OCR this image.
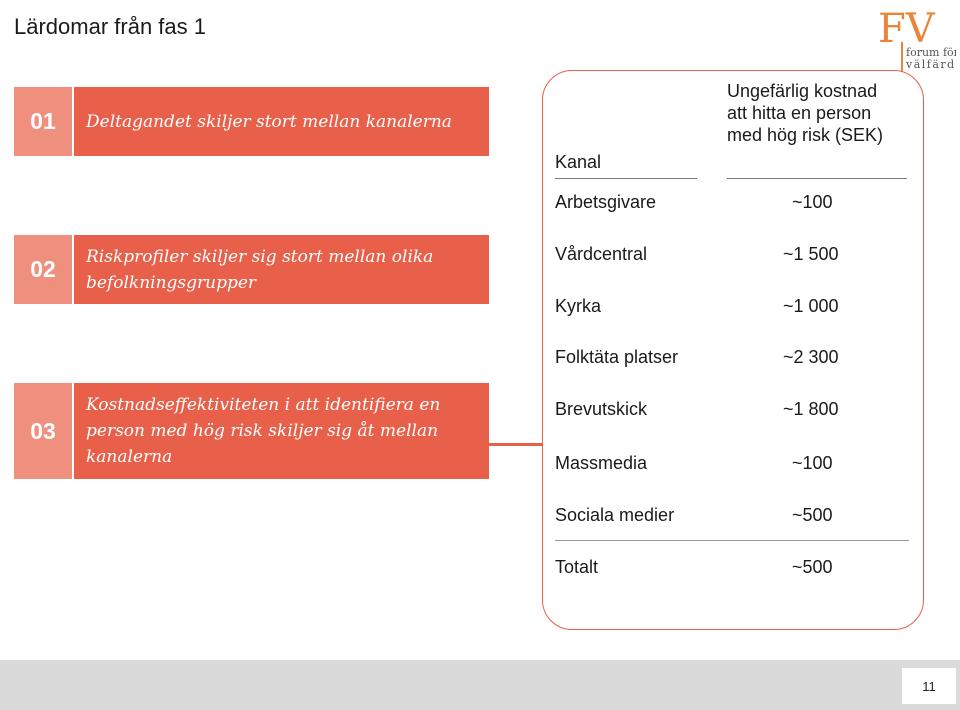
Lärdomar från fas 1	FV
forum för
välfärd
01	Deltagandet skiljer stort mellan kanalerna
02	Riskprofiler skiljer sig stort mellan olika befolkningsgrupper
03
Kostnadseffektiviteten i att identifiera en person med hög risk skiljer sig åt mellan kanalerna
Kanal
Ungefärlig kostnad att hitta en person med hög risk (SEK)
Arbetsgivare	~100
Vårdcentral	~1 500
Kyrka	~1 000
Folktäta platser	~2 300
Brevutskick	~1 800
Massmedia	~100
Sociala medier	~500
Totalt	~500
11
